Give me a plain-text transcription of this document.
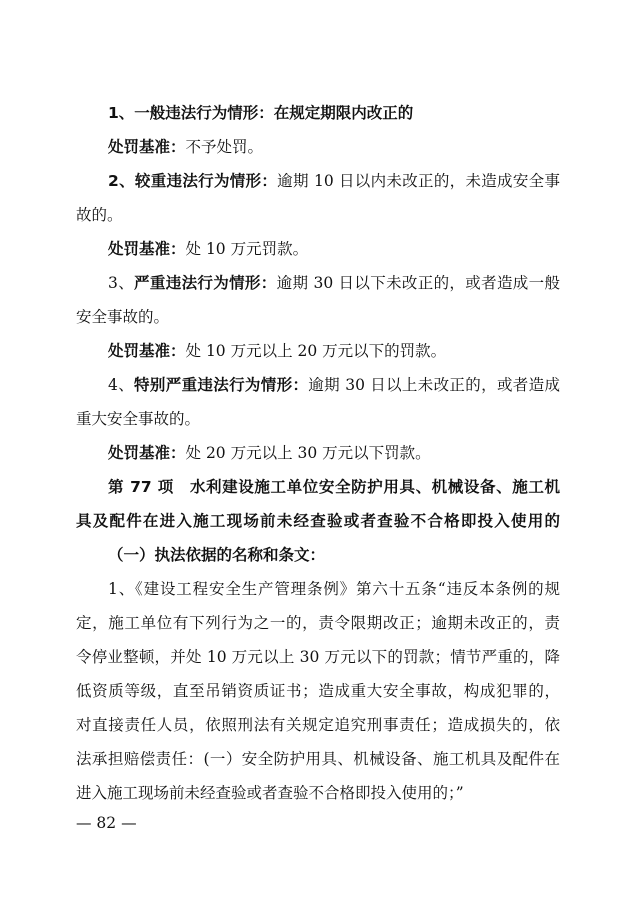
1、一般违法行为情形：在规定期限内改正的
处罚基准：不予处罚。
2、较重违法行为情形：逾期 10 日以内未改正的，未造成安全事
故的。
处罚基准：处 10 万元罚款。
3、严重违法行为情形：逾期 30 日以下未改正的，或者造成一般
安全事故的。
处罚基准：处 10 万元以上 20 万元以下的罚款。
4、特别严重违法行为情形：逾期 30 日以上未改正的，或者造成
重大安全事故的。
处罚基准：处 20 万元以上 30 万元以下罚款。
第 77 项　水利建设施工单位安全防护用具、机械设备、施工机
具及配件在进入施工现场前未经查验或者查验不合格即投入使用的
（一）执法依据的名称和条文：
1、《建设工程安全生产管理条例》第六十五条“违反本条例的规
定，施工单位有下列行为之一的，责令限期改正；逾期未改正的，责
令停业整顿，并处 10 万元以上 30 万元以下的罚款；情节严重的，降
低资质等级，直至吊销资质证书；造成重大安全事故，构成犯罪的，
对直接责任人员，依照刑法有关规定追究刑事责任；造成损失的，依
法承担赔偿责任：(一）安全防护用具、机械设备、施工机具及配件在
进入施工现场前未经查验或者查验不合格即投入使用的；”
— 82 —
